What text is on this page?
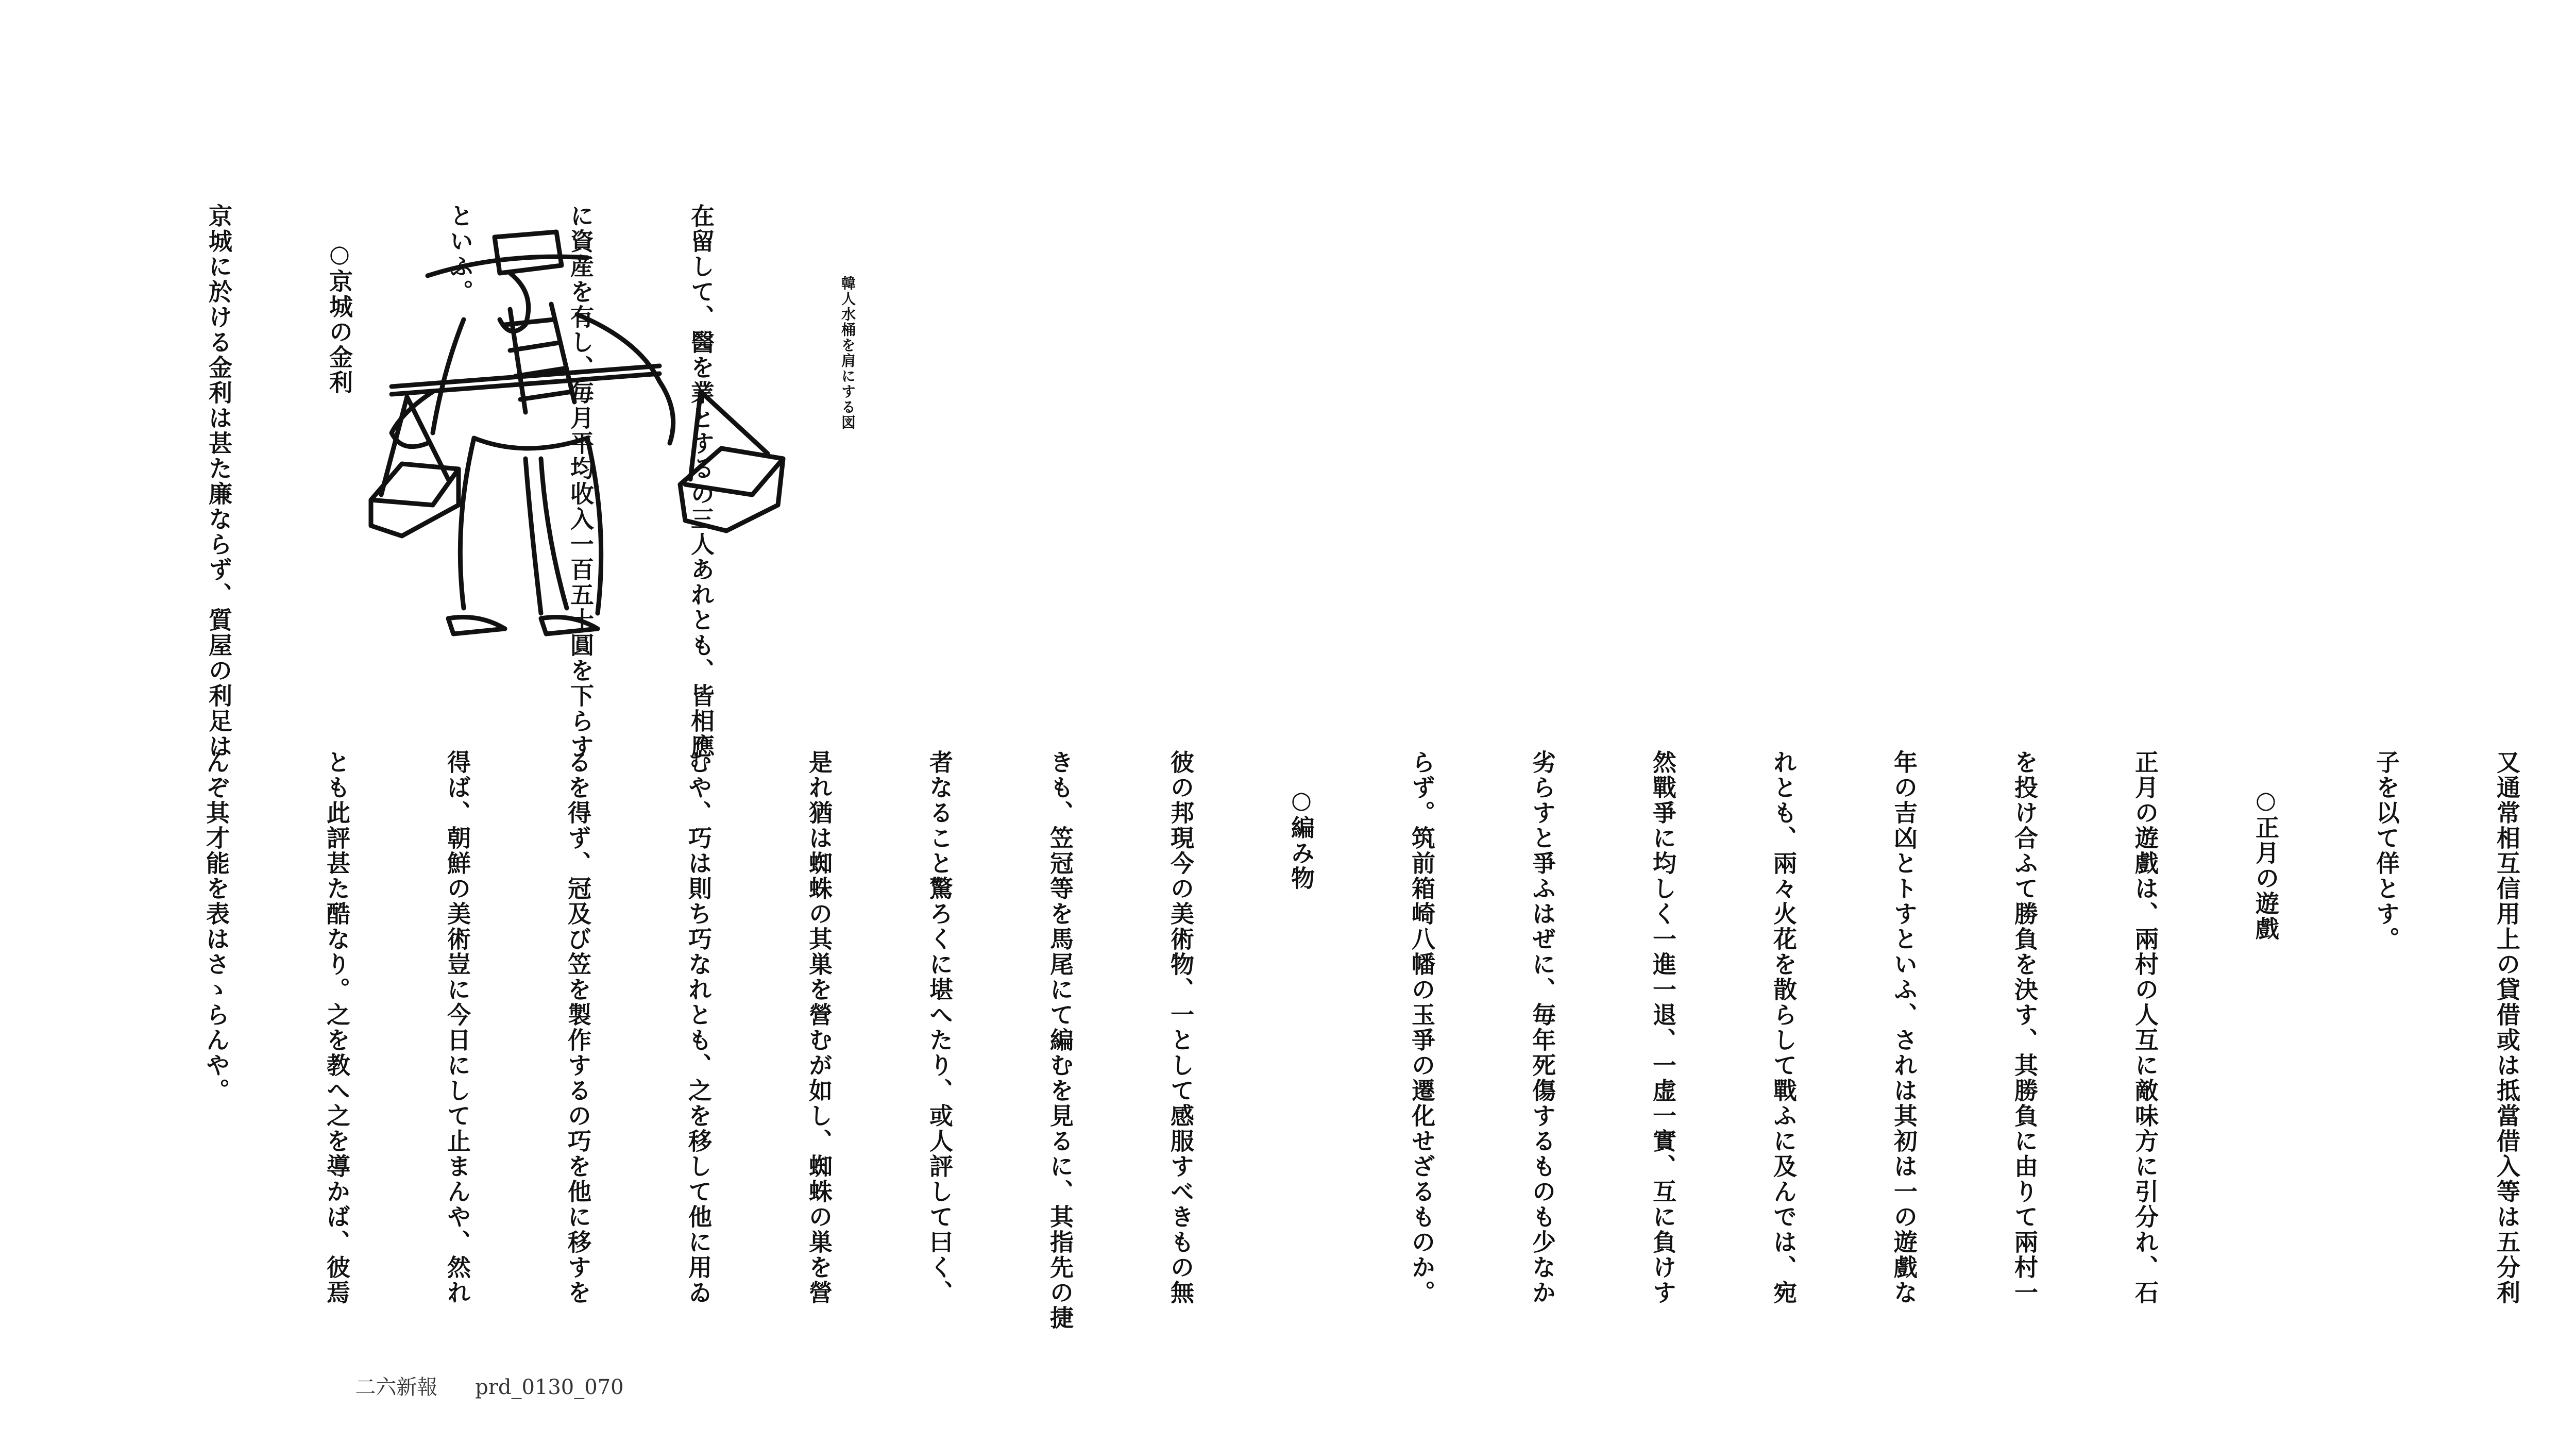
韓人水桶を肩にする図

在留して、醫を業とするの三人あれとも、皆相應

に資産を有し、毎月平均收入一百五十圓を下らす

といふ。

○京城の金利

京城に於ける金利は甚た廉ならず、質屋の利足は

又通常相互信用上の貸借或は抵當借入等は五分利

子を以て佯とす。

○正月の遊戲

正月の遊戲は、兩村の人互に敵味方に引分れ、石

を投け合ふて勝負を決す、其勝負に由りて兩村一

年の吉凶とトすといふ、されは其初は一の遊戲な

れとも、兩々火花を散らして戰ふに及んでは、宛

然戰爭に均しく一進一退、一虚一實、互に負けす

劣らすと爭ふはぜに、毎年死傷するものも少なか

らず。筑前箱崎八幡の玉爭の遷化せざるものか。

○編み物

彼の邦現今の美術物、一として感服すべきもの無

きも、笠冠等を馬尾にて編むを見るに、其指先の捷

者なること驚ろくに堪へたり、或人評して曰く、

是れ猶は蜘蛛の其巣を營むが如し、蜘蛛の巣を營

むや、巧は則ち巧なれとも、之を移して他に用ゐ

るを得ず、冠及び笠を製作するの巧を他に移すを

得ば、朝鮮の美術豈に今日にして止まんや、然れ

とも此評甚た酷なり。之を教へ之を導かば、彼焉

んぞ其才能を表はさゝらんや。

二六新報 prd_0130_070
